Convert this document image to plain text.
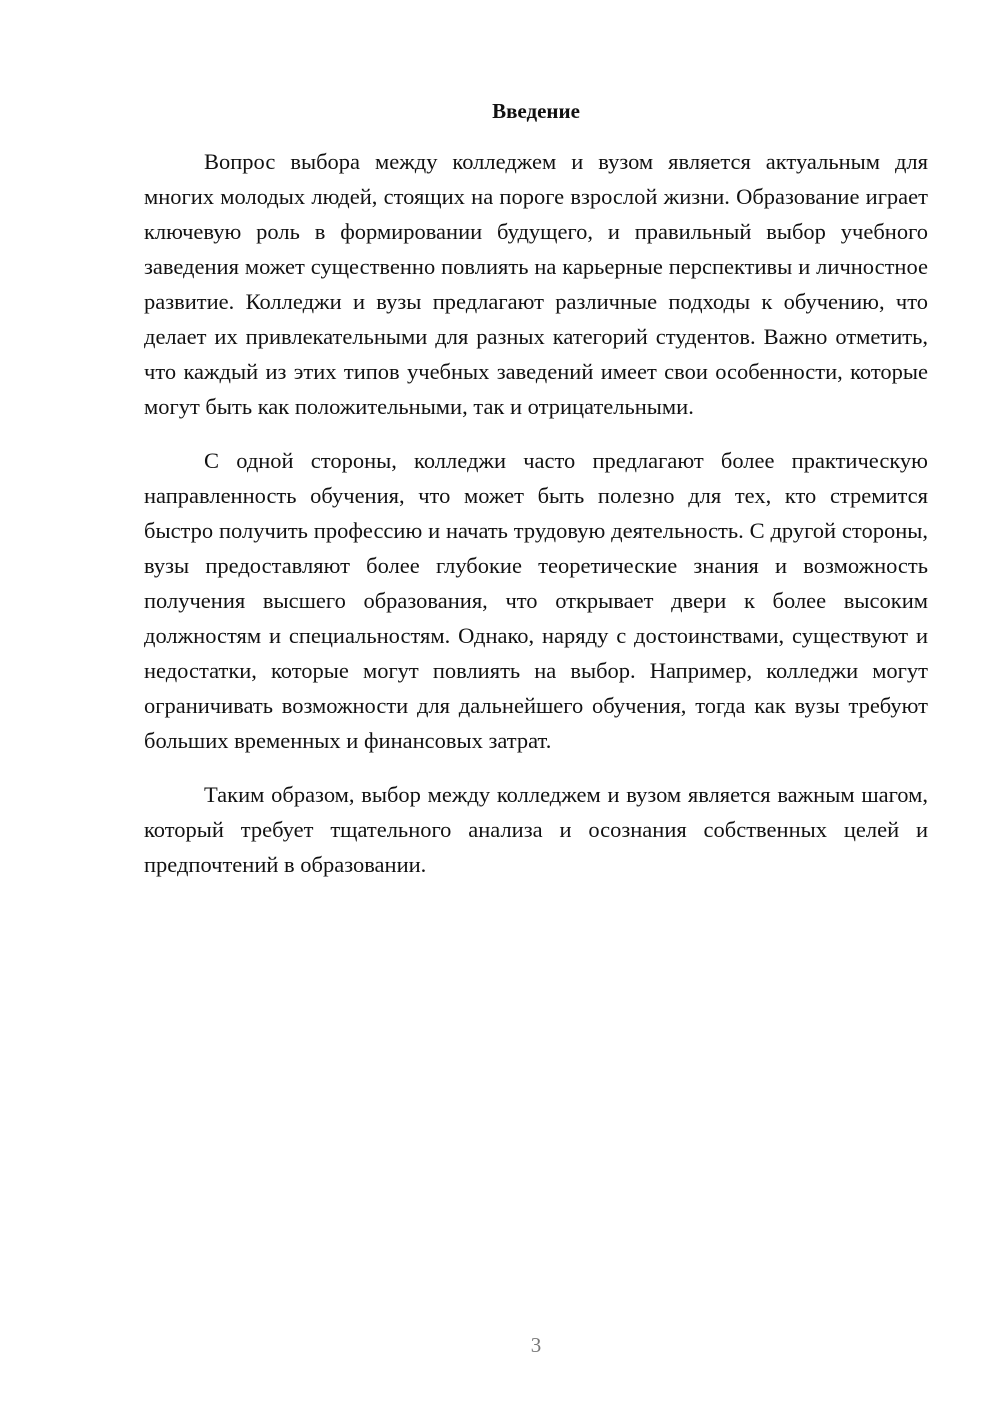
Введение

Вопрос выбора между колледжем и вузом является актуальным для многих молодых людей, стоящих на пороге взрослой жизни. Образование играет ключевую роль в формировании будущего, и правильный выбор учебного заведения может существенно повлиять на карьерные перспективы и личностное развитие. Колледжи и вузы предлагают различные подходы к обучению, что делает их привлекательными для разных категорий студентов. Важно отметить, что каждый из этих типов учебных заведений имеет свои особенности, которые могут быть как положительными, так и отрицательными.

С одной стороны, колледжи часто предлагают более практическую направленность обучения, что может быть полезно для тех, кто стремится быстро получить профессию и начать трудовую деятельность. С другой стороны, вузы предоставляют более глубокие теоретические знания и возможность получения высшего образования, что открывает двери к более высоким должностям и специальностям. Однако, наряду с достоинствами, существуют и недостатки, которые могут повлиять на выбор. Например, колледжи могут ограничивать возможности для дальнейшего обучения, тогда как вузы требуют больших временных и финансовых затрат.

Таким образом, выбор между колледжем и вузом является важным шагом, который требует тщательного анализа и осознания собственных целей и предпочтений в образовании.

3
